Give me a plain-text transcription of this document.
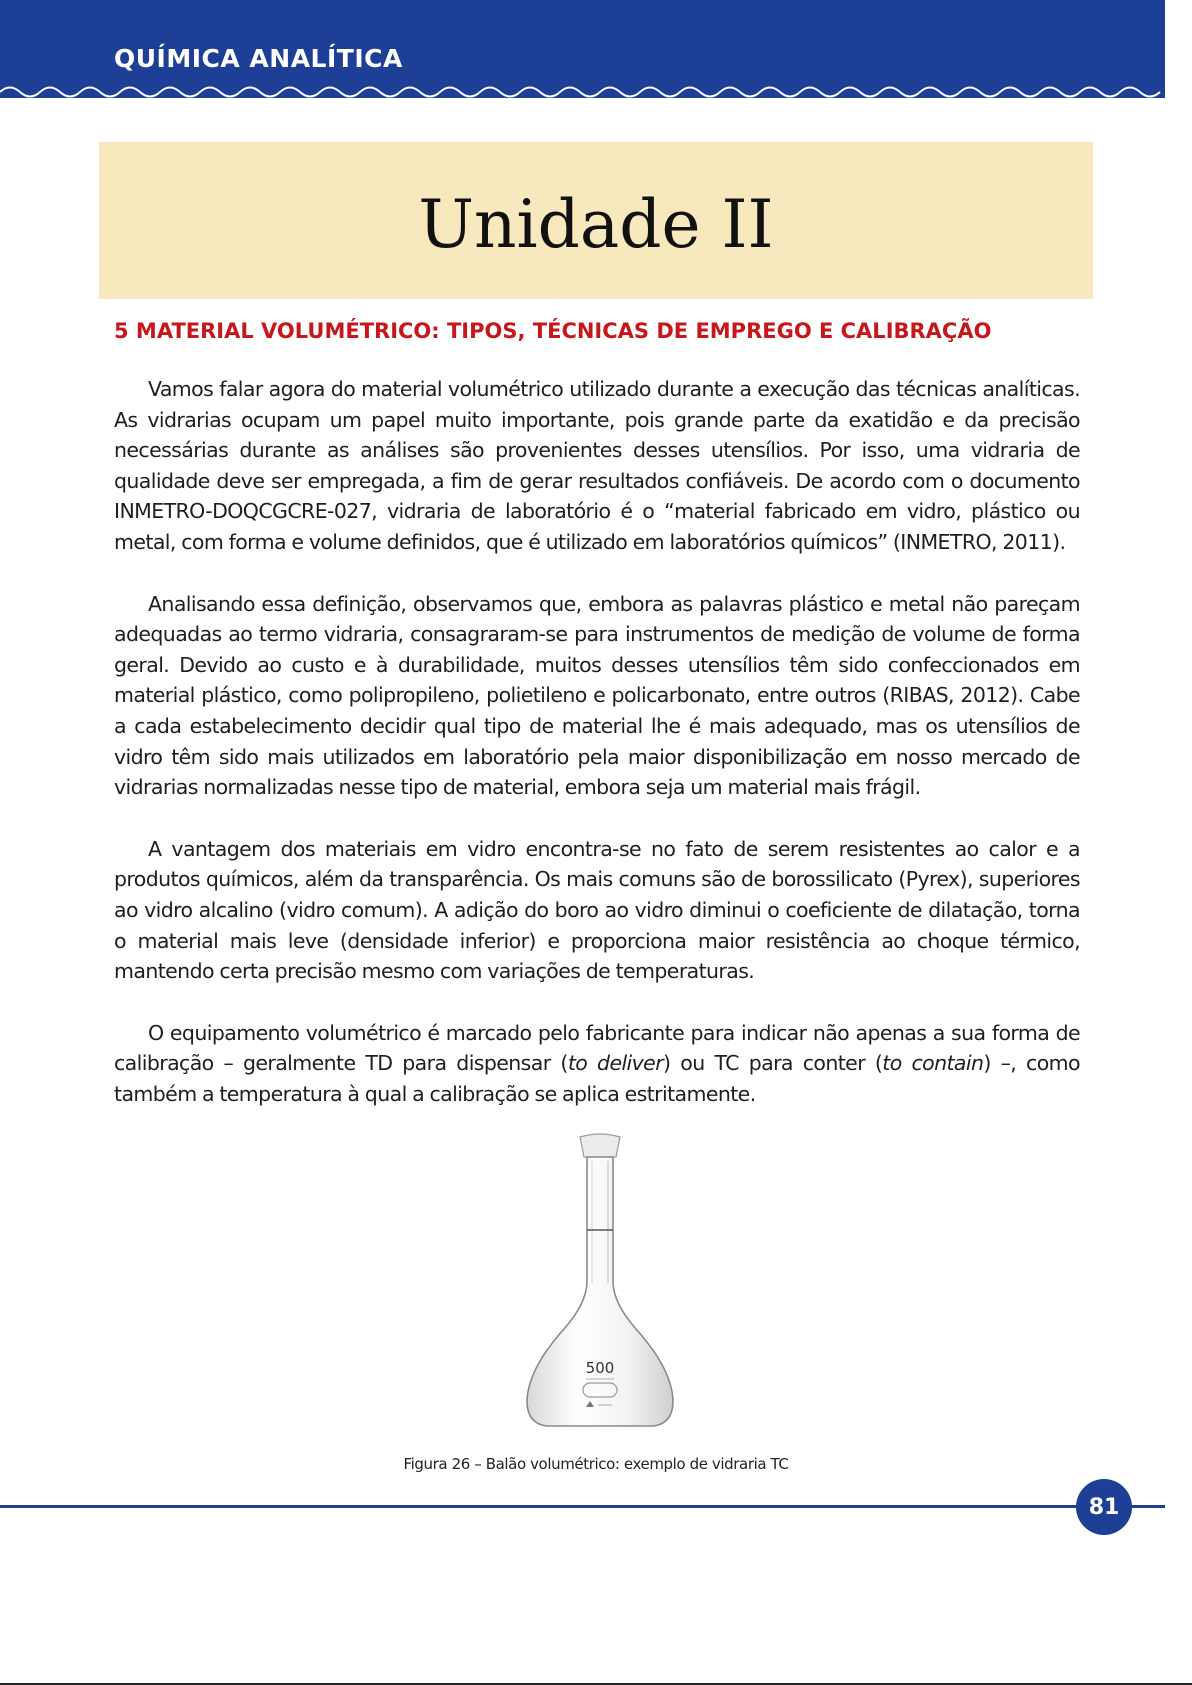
QUÍMICA ANALÍTICA
Unidade II
5 MATERIAL VOLUMÉTRICO: TIPOS, TÉCNICAS DE EMPREGO E CALIBRAÇÃO

Vamos falar agora do material volumétrico utilizado durante a execução das técnicas analíticas. As vidrarias ocupam um papel muito importante, pois grande parte da exatidão e da precisão necessárias durante as análises são provenientes desses utensílios. Por isso, uma vidraria de qualidade deve ser empregada, a fim de gerar resultados confiáveis. De acordo com o documento INMETRO-DOQCGCRE-027, vidraria de laboratório é o “material fabricado em vidro, plástico ou metal, com forma e volume definidos, que é utilizado em laboratórios químicos” (INMETRO, 2011).

Analisando essa definição, observamos que, embora as palavras plástico e metal não pareçam adequadas ao termo vidraria, consagraram-se para instrumentos de medição de volume de forma geral. Devido ao custo e à durabilidade, muitos desses utensílios têm sido confeccionados em material plástico, como polipropileno, polietileno e policarbonato, entre outros (RIBAS, 2012). Cabe a cada estabelecimento decidir qual tipo de material lhe é mais adequado, mas os utensílios de vidro têm sido mais utilizados em laboratório pela maior disponibilização em nosso mercado de vidrarias normalizadas nesse tipo de material, embora seja um material mais frágil.

A vantagem dos materiais em vidro encontra-se no fato de serem resistentes ao calor e a produtos químicos, além da transparência. Os mais comuns são de borossilicato (Pyrex), superiores ao vidro alcalino (vidro comum). A adição do boro ao vidro diminui o coeficiente de dilatação, torna o material mais leve (densidade inferior) e proporciona maior resistência ao choque térmico, mantendo certa precisão mesmo com variações de temperaturas.

O equipamento volumétrico é marcado pelo fabricante para indicar não apenas a sua forma de calibração – geralmente TD para dispensar (to deliver) ou TC para conter (to contain) –, como também a temperatura à qual a calibração se aplica estritamente.

500

Figura 26 – Balão volumétrico: exemplo de vidraria TC

81
